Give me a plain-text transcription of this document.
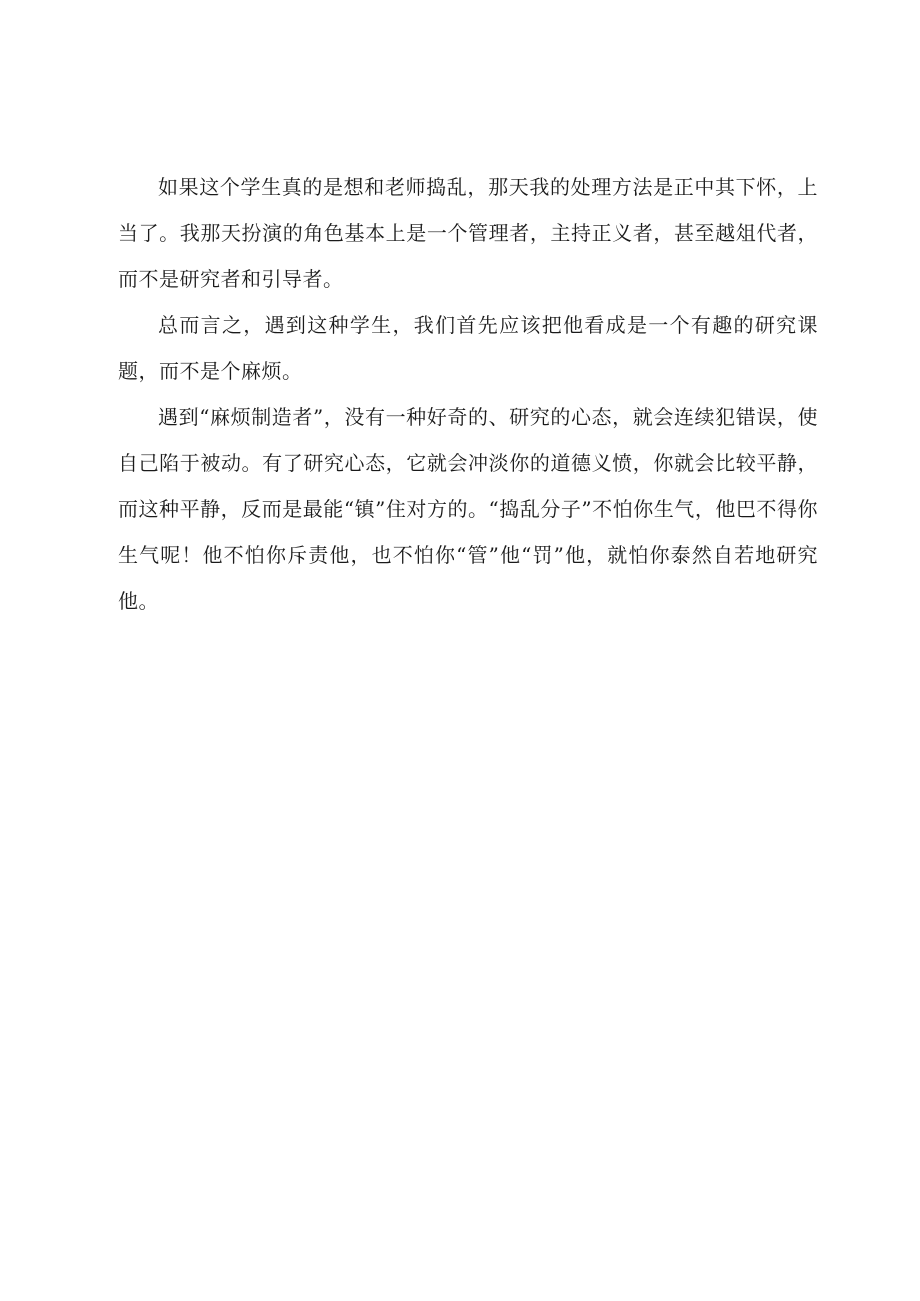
如果这个学生真的是想和老师捣乱，那天我的处理方法是正中其下怀，上当了。我那天扮演的角色基本上是一个管理者，主持正义者，甚至越俎代者，而不是研究者和引导者。

总而言之，遇到这种学生，我们首先应该把他看成是一个有趣的研究课题，而不是个麻烦。

遇到“麻烦制造者”，没有一种好奇的、研究的心态，就会连续犯错误，使自己陷于被动。有了研究心态，它就会冲淡你的道德义愤，你就会比较平静，而这种平静，反而是最能“镇”住对方的。“捣乱分子”不怕你生气，他巴不得你生气呢！他不怕你斥责他，也不怕你“管”他“罚”他，就怕你泰然自若地研究他。
